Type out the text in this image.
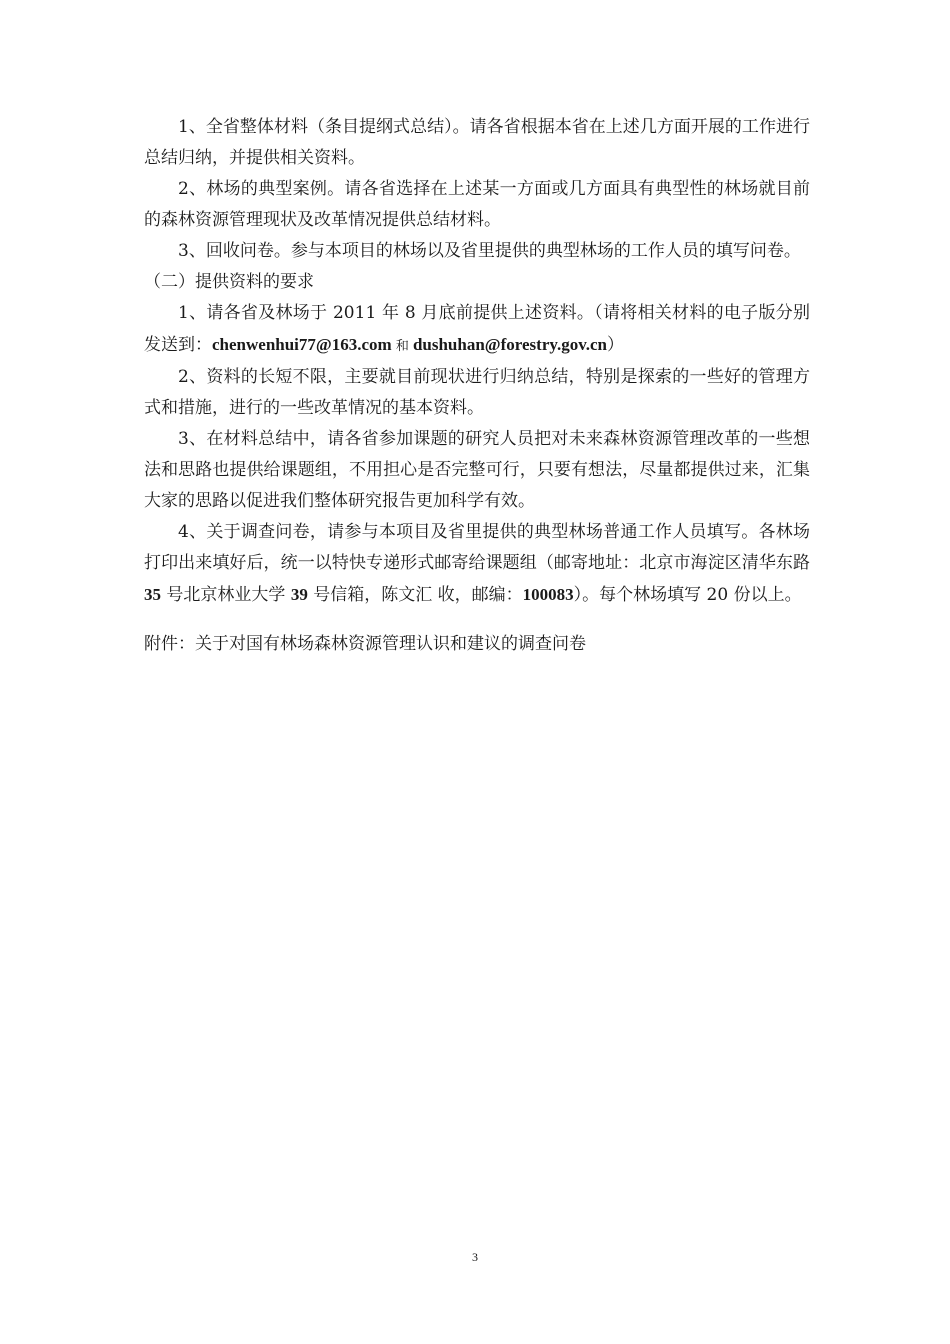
1、全省整体材料（条目提纲式总结）。请各省根据本省在上述几方面开展的工作进行总结归纳，并提供相关资料。

2、林场的典型案例。请各省选择在上述某一方面或几方面具有典型性的林场就目前的森林资源管理现状及改革情况提供总结材料。

3、回收问卷。参与本项目的林场以及省里提供的典型林场的工作人员的填写问卷。

（二）提供资料的要求

1、请各省及林场于 2011 年 8 月底前提供上述资料。（请将相关材料的电子版分别发送到：chenwenhui77@163.com 和 dushuhan@forestry.gov.cn）

2、资料的长短不限，主要就目前现状进行归纳总结，特别是探索的一些好的管理方式和措施，进行的一些改革情况的基本资料。

3、在材料总结中，请各省参加课题的研究人员把对未来森林资源管理改革的一些想法和思路也提供给课题组，不用担心是否完整可行，只要有想法，尽量都提供过来，汇集大家的思路以促进我们整体研究报告更加科学有效。

4、关于调查问卷，请参与本项目及省里提供的典型林场普通工作人员填写。各林场打印出来填好后，统一以特快专递形式邮寄给课题组（邮寄地址：北京市海淀区清华东路 35 号北京林业大学 39 号信箱，陈文汇 收，邮编：100083）。每个林场填写 20 份以上。

附件：关于对国有林场森林资源管理认识和建议的调查问卷

3
